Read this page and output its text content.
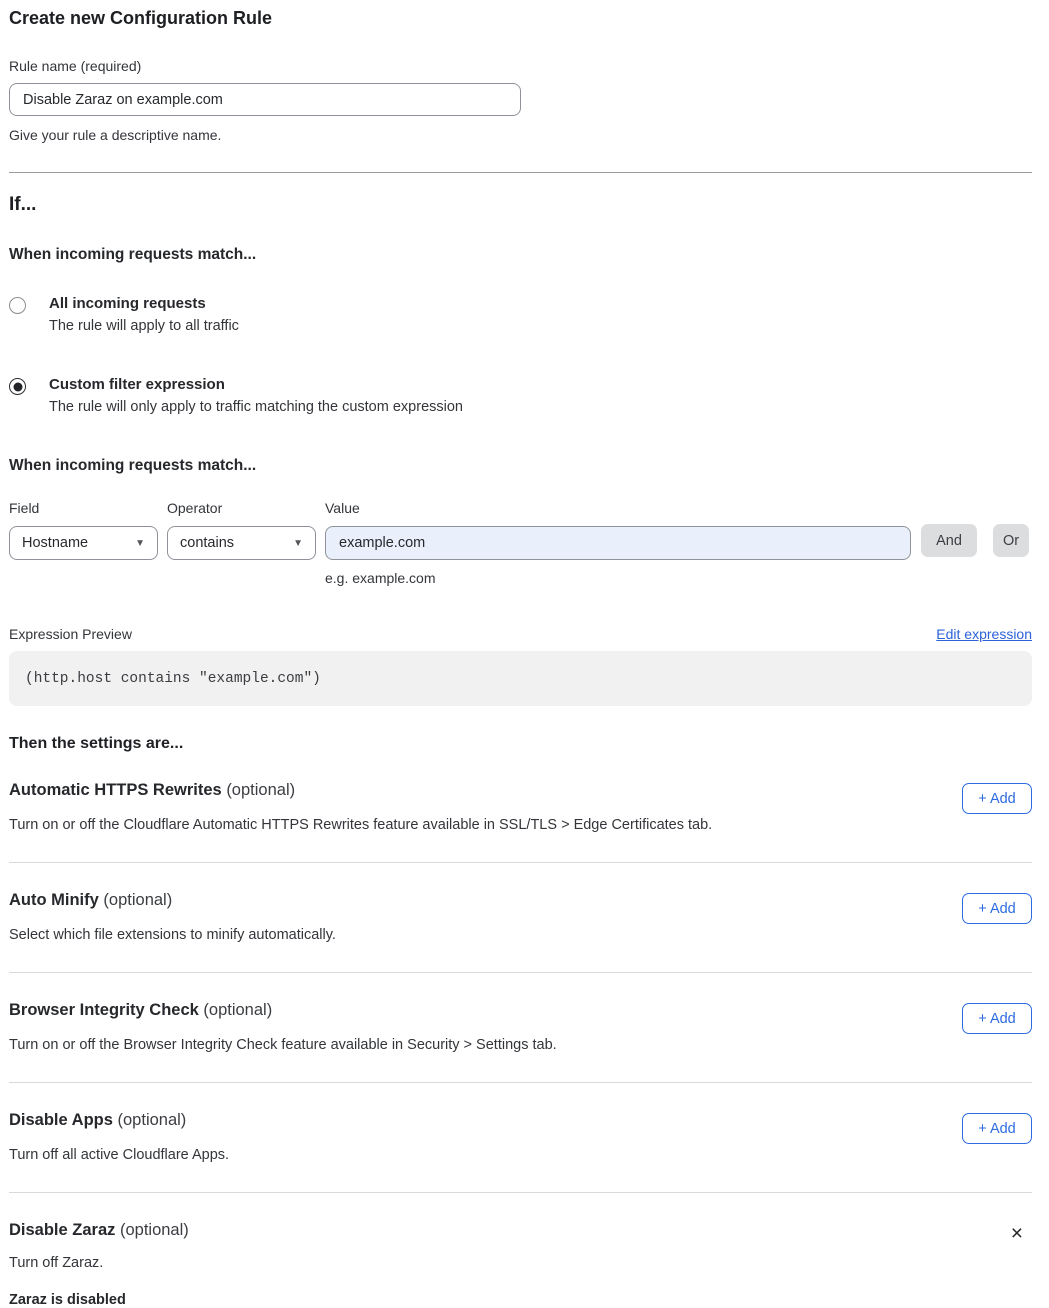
Create new Configuration Rule
Rule name (required)
Disable Zaraz on example.com
Give your rule a descriptive name.
If...
When incoming requests match...
All incoming requests
The rule will apply to all traffic
Custom filter expression
The rule will only apply to traffic matching the custom expression
When incoming requests match...
Field
Hostname	▼
Operator
contains	▼
Value
example.com
e.g. example.com
And	Or
Expression Preview	Edit expression
(http.host contains "example.com")
Then the settings are...
Automatic HTTPS Rewrites (optional)

Turn on or off the Cloudflare Automatic HTTPS Rewrites feature available in SSL/TLS > Edge Certificates tab.

+ Add
Auto Minify (optional)

Select which file extensions to minify automatically.

+ Add
Browser Integrity Check (optional)

Turn on or off the Browser Integrity Check feature available in Security > Settings tab.

+ Add
Disable Apps (optional)

Turn off all active Cloudflare Apps.

+ Add
Disable Zaraz (optional)

Turn off Zaraz.

Zaraz is disabled
×
